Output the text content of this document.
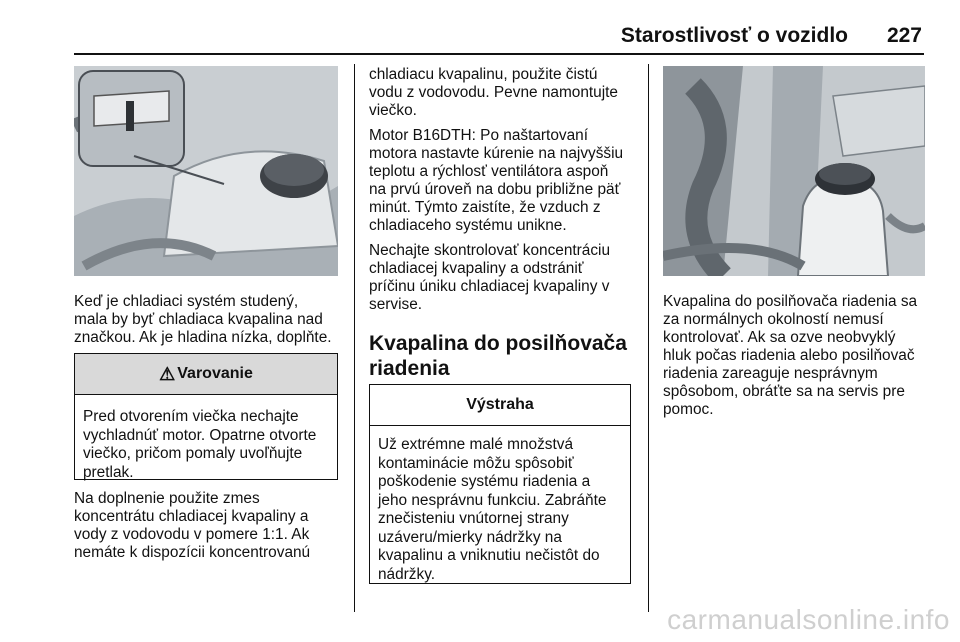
Starostlivosť o vozidlo 227

Keď je chladiaci systém studený,

mala by byť chladiaca kvapalina nad

značkou. Ak je hladina nízka, doplňte.

⚠ Varovanie
Pred otvorením viečka nechajte
vychladnúť motor. Opatrne otvorte
viečko, pričom pomaly uvoľňujte
pretlak.

Na doplnenie použite zmes

koncentrátu chladiacej kvapaliny a

vody z vodovodu v pomere 1:1. Ak

nemáte k dispozícii koncentrovanú

chladiacu kvapalinu, použite čistú

vodu z vodovodu. Pevne namontujte

viečko.

Motor B16DTH: Po naštartovaní

motora nastavte kúrenie na najvyššiu

teplotu a rýchlosť ventilátora aspoň

na prvú úroveň na dobu približne päť

minút. Týmto zaistíte, že vzduch z

chladiaceho systému unikne.

Nechajte skontrolovať koncentráciu

chladiacej kvapaliny a odstrániť

príčinu úniku chladiacej kvapaliny v

servise.

Kvapalina do posilňovača
riadenia
Výstraha
Už extrémne malé množstvá
kontaminácie môžu spôsobiť
poškodenie systému riadenia a
jeho nesprávnu funkciu. Zabráňte
znečisteniu vnútornej strany
uzáveru/mierky nádržky na
kvapalinu a vniknutiu nečistôt do
nádržky.

Kvapalina do posilňovača riadenia sa

za normálnych okolností nemusí

kontrolovať. Ak sa ozve neobvyklý

hluk počas riadenia alebo posilňovač

riadenia zareaguje nesprávnym

spôsobom, obráťte sa na servis pre

pomoc.

carmanualsonline.info
